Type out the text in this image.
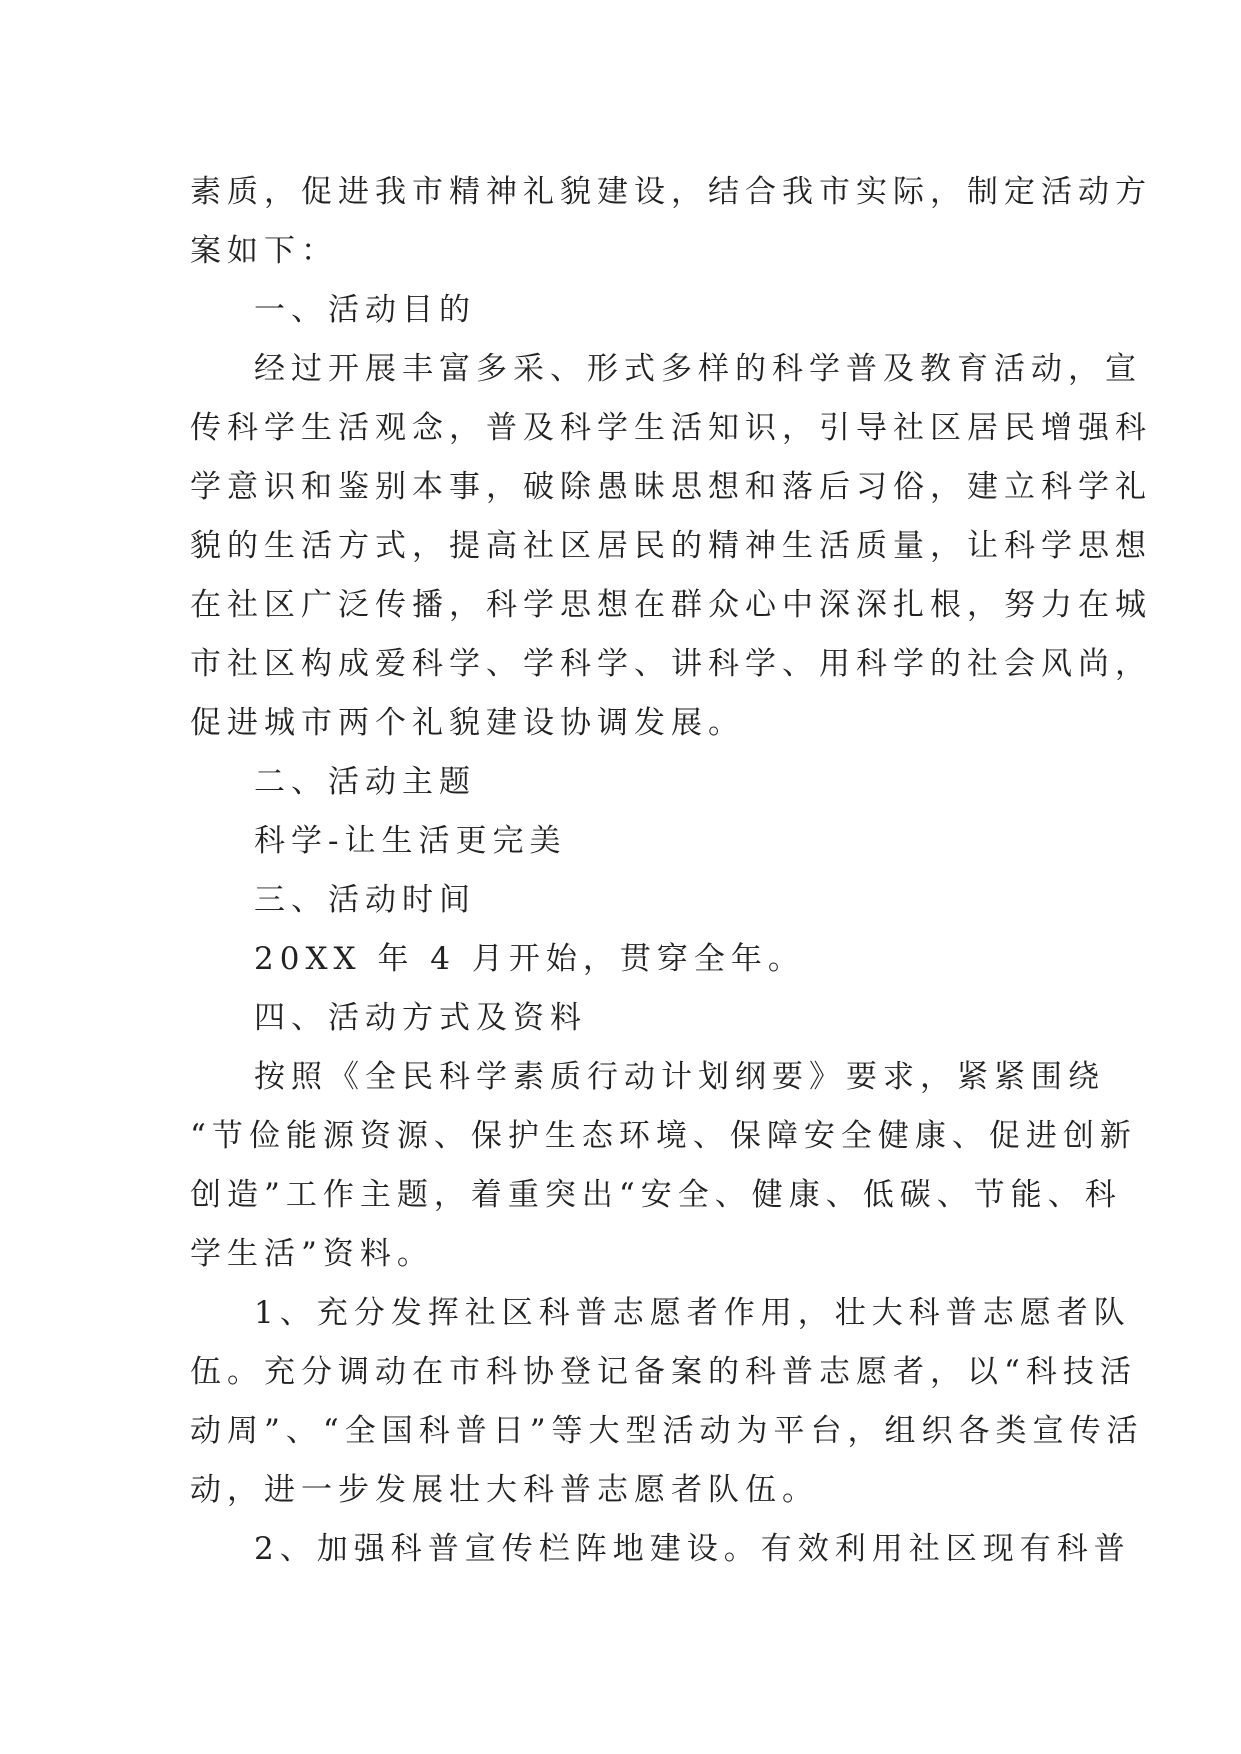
素质，促进我市精神礼貌建设，结合我市实际，制定活动方
案如下：
一、活动目的
经过开展丰富多采、形式多样的科学普及教育活动，宣
传科学生活观念，普及科学生活知识，引导社区居民增强科
学意识和鉴别本事，破除愚昧思想和落后习俗，建立科学礼
貌的生活方式，提高社区居民的精神生活质量，让科学思想
在社区广泛传播，科学思想在群众心中深深扎根，努力在城
市社区构成爱科学、学科学、讲科学、用科学的社会风尚，
促进城市两个礼貌建设协调发展。
二、活动主题
科学-让生活更完美
三、活动时间
20XX 年 4 月开始，贯穿全年。
四、活动方式及资料
按照《全民科学素质行动计划纲要》要求，紧紧围绕
“节俭能源资源、保护生态环境、保障安全健康、促进创新
创造”工作主题，着重突出“安全、健康、低碳、节能、科
学生活”资料。
1、充分发挥社区科普志愿者作用，壮大科普志愿者队
伍。充分调动在市科协登记备案的科普志愿者，以“科技活
动周”、“全国科普日”等大型活动为平台，组织各类宣传活
动，进一步发展壮大科普志愿者队伍。
2、加强科普宣传栏阵地建设。有效利用社区现有科普
